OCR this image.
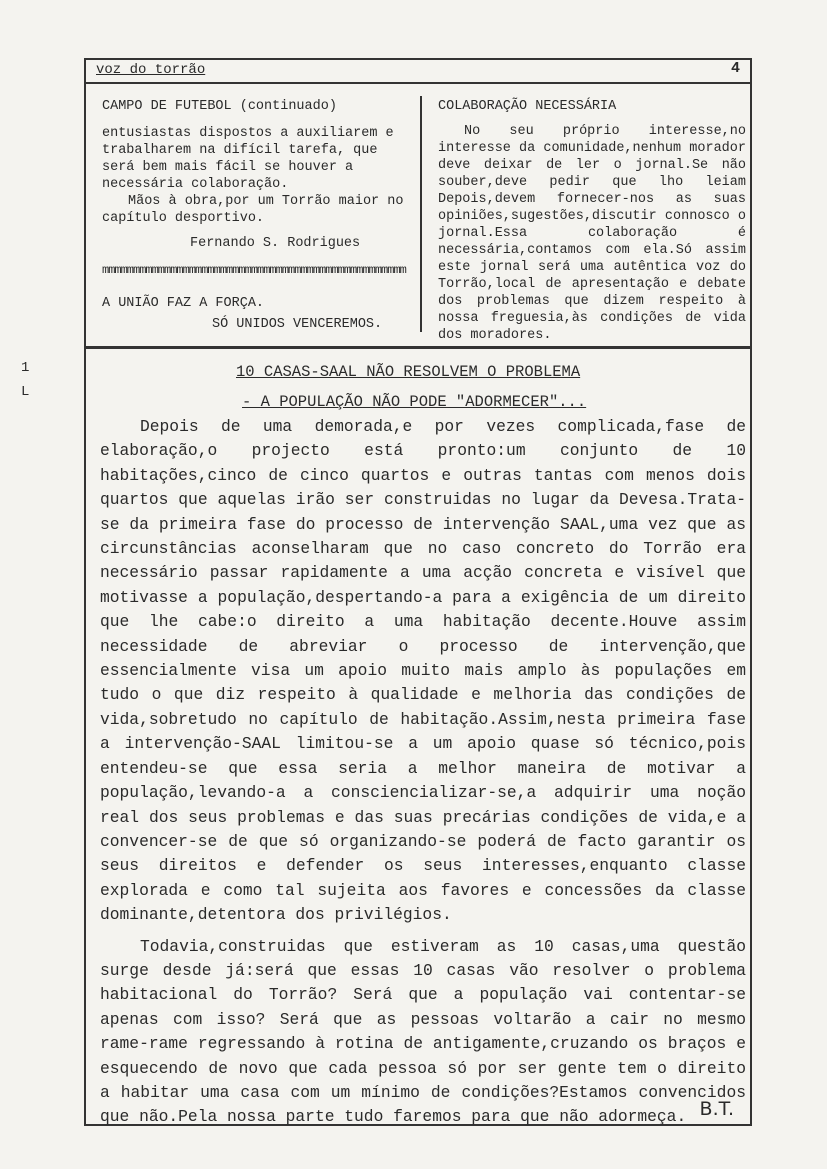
1
L
voz do torrão	4

CAMPO DE FUTEBOL (continuado)

entusiastas dispostos a auxiliarem e trabalharem na difícil tarefa, que será bem mais fácil se houver a necessária colaboração.

Mãos à obra,por um Torrão maior no capítulo desportivo.

Fernando S. Rodrigues

mmmmmmmmmmmmmmmmmmmmmmmmmmmmmmmmmmmmmmmmmmmmmmmmm

A UNIÃO FAZ A FORÇA.

SÓ UNIDOS VENCEREMOS.

COLABORAÇÃO NECESSÁRIA

No seu próprio interesse,no interesse da comunidade,nenhum morador deve deixar de ler o jornal.Se não souber,deve pedir que lho leiam Depois,devem fornecer-nos as suas opiniões,sugestões,discutir connosco o jornal.Essa colaboração é necessária,contamos com ela.Só assim este jornal será uma autêntica voz do Torrão,local de apresentação e debate dos problemas que dizem respeito à nossa freguesia,às condições de vida dos moradores.

10 CASAS-SAAL NÃO RESOLVEM O PROBLEMA
- A POPULAÇÃO NÃO PODE "ADORMECER"...

Depois de uma demorada,e por vezes complicada,fase de elaboração,o projecto está pronto:um conjunto de 10 habitações,cinco de cinco quartos e outras tantas com menos dois quartos que aquelas irão ser construidas no lugar da Devesa.Trata-se da primeira fase do processo de intervenção SAAL,uma vez que as circunstâncias aconselharam que no caso concreto do Torrão era necessário passar rapidamente a uma acção concreta e visível que motivasse a população,despertando-a para a exigência de um direito que lhe cabe:o direito a uma habitação decente.Houve assim necessidade de abreviar o processo de intervenção,que essencialmente visa um apoio muito mais amplo às populações em tudo o que diz respeito à qualidade e melhoria das condições de vida,sobretudo no capítulo de habitação.Assim,nesta primeira fase a intervenção-SAAL limitou-se a um apoio quase só técnico,pois entendeu-se que essa seria a melhor maneira de motivar a população,levando-a a consciencializar-se,a adquirir uma noção real dos seus problemas e das suas precárias condições de vida,e a convencer-se de que só organizando-se poderá de facto garantir os seus direitos e defender os seus interesses,enquanto classe explorada e como tal sujeita aos favores e concessões da classe dominante,detentora dos privilégios.

Todavia,construidas que estiveram as 10 casas,uma questão surge desde já:será que essas 10 casas vão resolver o problema habitacional do Torrão? Será que a população vai contentar-se apenas com isso? Será que as pessoas voltarão a cair no mesmo rame-rame regressando à rotina de antigamente,cruzando os braços e esquecendo de novo que cada pessoa só por ser gente tem o direito a habitar uma casa com um mínimo de condições?Estamos convencidos que não.Pela nossa parte tudo faremos para que não adormeça. B.T.
